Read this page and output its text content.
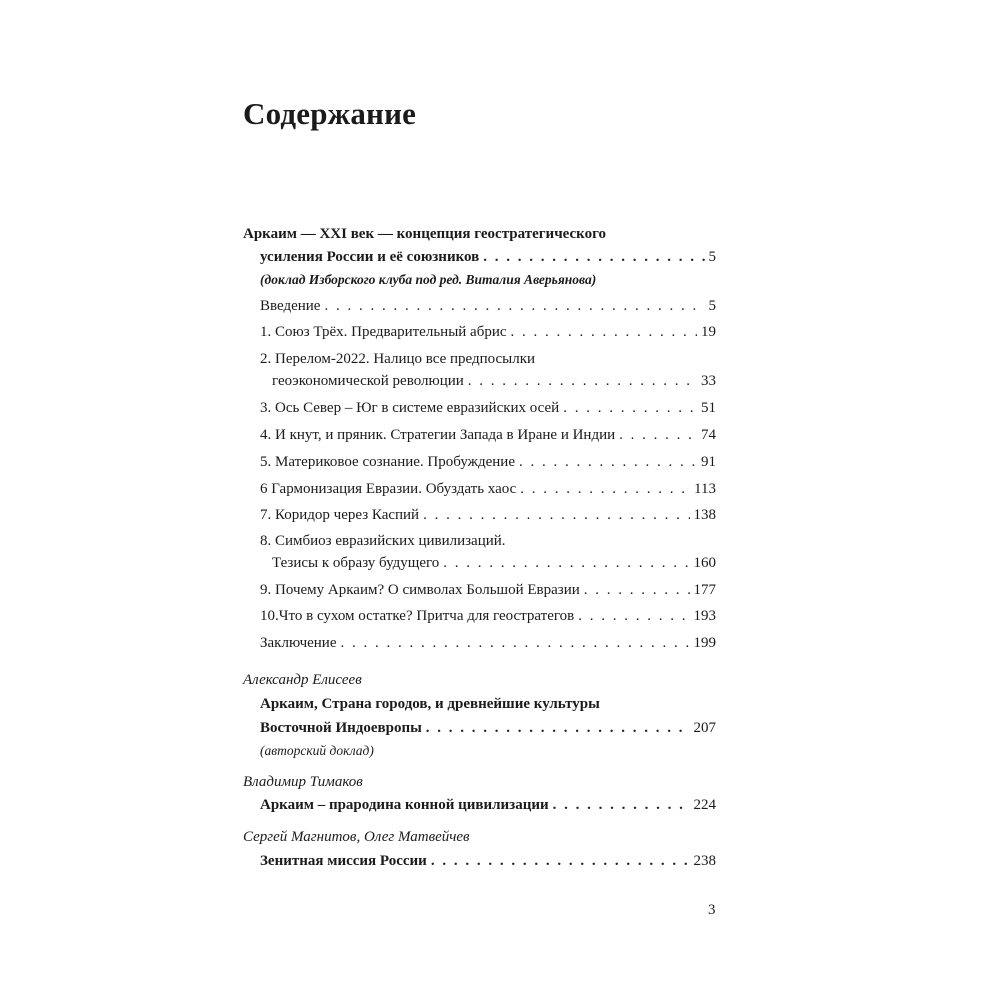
Содержание
Аркаим — XXI век — концепция геостратегического
усиления России и её союзников . . .	5
(доклад Изборского клуба под ред. Виталия Аверьянова)
Введение . . .	5
1. Союз Трёх. Предварительный абрис . . .	19
2. Перелом-2022. Налицо все предпосылки
геоэкономической революции . . .	33
3. Ось Север – Юг в системе евразийских осей . . .	51
4. И кнут, и пряник. Стратегии Запада в Иране и Индии . . .	74
5. Материковое сознание. Пробуждение . . .	91
6 Гармонизация Евразии. Обуздать хаос . . .	113
7. Коридор через Каспий . . .	138
8. Симбиоз евразийских цивилизаций.
Тезисы к образу будущего . . .	160
9. Почему Аркаим? О символах Большой Евразии . . .	177
10.Что в сухом остатке? Притча для геостратегов . . .	193
Заключение . . .	199
Александр Елисеев
Аркаим, Страна городов, и древнейшие культуры
Восточной Индоевропы . . .	207
(авторский доклад)
Владимир Тимаков
Аркаим – прародина конной цивилизации . . .	224
Сергей Магнитов, Олег Матвейчев
Зенитная миссия России . . .	238
3
